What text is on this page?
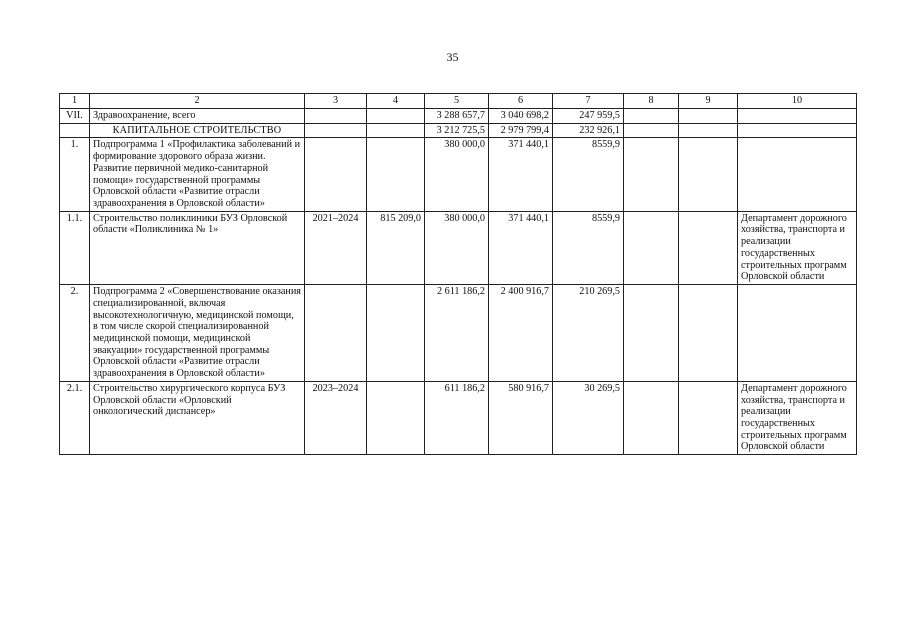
35
1	2	3	4	5	6	7	8	9	10
VII.	Здравоохранение, всего			3 288 657,7	3 040 698,2	247 959,5			
	КАПИТАЛЬНОЕ СТРОИТЕЛЬСТВО			3 212 725,5	2 979 799,4	232 926,1			
1.	Подпрограмма 1 «Профилактика заболеваний и формирование здорового образа жизни. Развитие первичной медико-санитарной помощи» государственной программы Орловской области «Развитие отрасли здравоохранения в Орловской области»			380 000,0	371 440,1	8559,9			
1.1.	Строительство поликлиники БУЗ Орловской области «Поликлиника № 1»	2021–2024	815 209,0	380 000,0	371 440,1	8559,9			Департамент дорожного хозяйства, транспорта и реализации государственных строительных программ Орловской области
2.	Подпрограмма 2 «Совершенствование оказания специализированной, включая высокотехнологичную, медицинской помощи, в том числе скорой специализированной медицинской помощи, медицинской эвакуации» государственной программы Орловской области «Развитие отрасли здравоохранения в Орловской области»			2 611 186,2	2 400 916,7	210 269,5			
2.1.	Строительство хирургического корпуса БУЗ Орловской области «Орловский онкологический диспансер»	2023–2024		611 186,2	580 916,7	30 269,5			Департамент дорожного хозяйства, транспорта и реализации государственных строительных программ Орловской области
